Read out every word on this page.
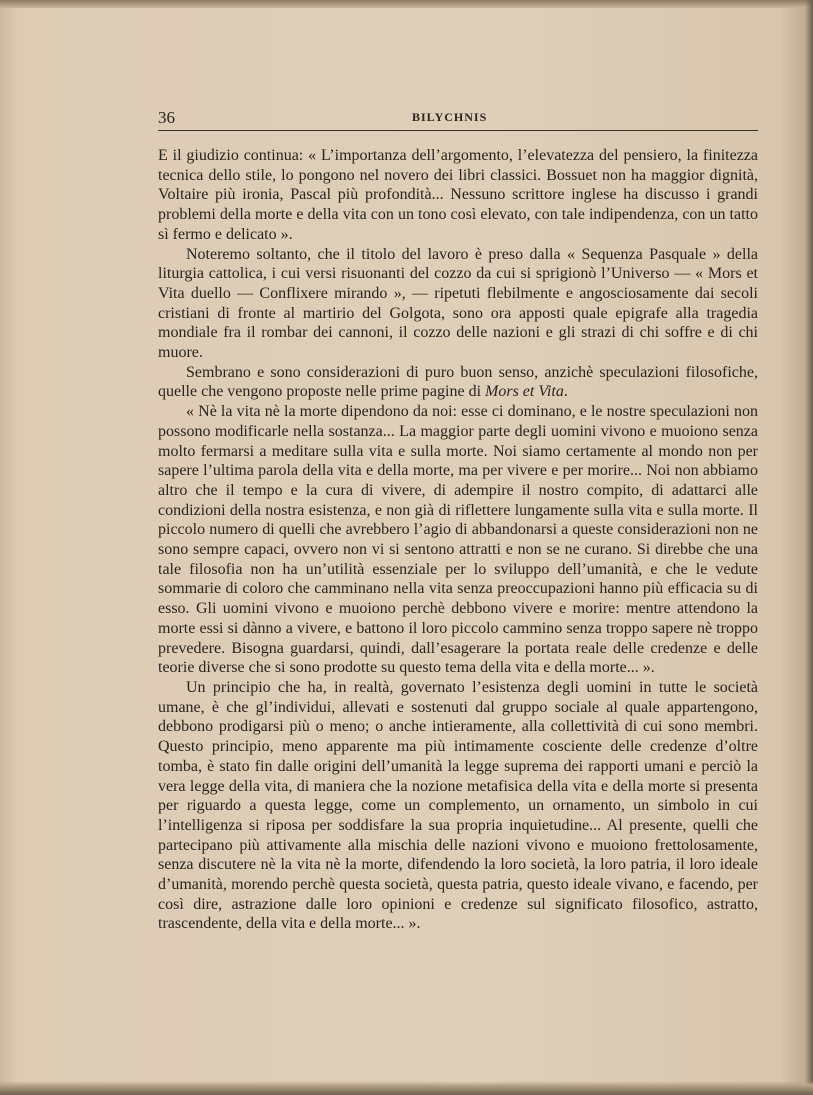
36	BILYCHNIS

E il giudizio continua: « L’importanza dell’argomento, l’elevatezza del pensiero, la finitezza tecnica dello stile, lo pongono nel novero dei libri classici. Bossuet non ha maggior dignità, Voltaire più ironia, Pascal più profondità... Nessuno scrittore inglese ha discusso i grandi problemi della morte e della vita con un tono così elevato, con tale indipendenza, con un tatto sì fermo e delicato ».

Noteremo soltanto, che il titolo del lavoro è preso dalla « Sequenza Pasquale » della liturgia cattolica, i cui versi risuonanti del cozzo da cui si sprigionò l’Universo — « Mors et Vita duello — Conflixere mirando », — ripetuti flebilmente e angosciosamente dai secoli cristiani di fronte al martirio del Golgota, sono ora apposti quale epigrafe alla tragedia mondiale fra il rombar dei cannoni, il cozzo delle nazioni e gli strazi di chi soffre e di chi muore.

Sembrano e sono considerazioni di puro buon senso, anzichè speculazioni filosofiche, quelle che vengono proposte nelle prime pagine di Mors et Vita.

« Nè la vita nè la morte dipendono da noi: esse ci dominano, e le nostre speculazioni non possono modificarle nella sostanza... La maggior parte degli uomini vivono e muoiono senza molto fermarsi a meditare sulla vita e sulla morte. Noi siamo certamente al mondo non per sapere l’ultima parola della vita e della morte, ma per vivere e per morire... Noi non abbiamo altro che il tempo e la cura di vivere, di adempire il nostro compito, di adattarci alle condizioni della nostra esistenza, e non già di riflettere lungamente sulla vita e sulla morte. Il piccolo numero di quelli che avrebbero l’agio di abbandonarsi a queste considerazioni non ne sono sempre capaci, ovvero non vi si sentono attratti e non se ne curano. Si direbbe che una tale filosofia non ha un’utilità essenziale per lo sviluppo dell’umanità, e che le vedute sommarie di coloro che camminano nella vita senza preoccupazioni hanno più efficacia su di esso. Gli uomini vivono e muoiono perchè debbono vivere e morire: mentre attendono la morte essi si dànno a vivere, e battono il loro piccolo cammino senza troppo sapere nè troppo prevedere. Bisogna guardarsi, quindi, dall’esagerare la portata reale delle credenze e delle teorie diverse che si sono prodotte su questo tema della vita e della morte... ».

Un principio che ha, in realtà, governato l’esistenza degli uomini in tutte le società umane, è che gl’individui, allevati e sostenuti dal gruppo sociale al quale appartengono, debbono prodigarsi più o meno; o anche intieramente, alla collettività di cui sono membri. Questo principio, meno apparente ma più intimamente cosciente delle credenze d’oltre tomba, è stato fin dalle origini dell’umanità la legge suprema dei rapporti umani e perciò la vera legge della vita, di maniera che la nozione metafisica della vita e della morte si presenta per riguardo a questa legge, come un complemento, un ornamento, un simbolo in cui l’intelligenza si riposa per soddisfare la sua propria inquietudine... Al presente, quelli che partecipano più attivamente alla mischia delle nazioni vivono e muoiono frettolosamente, senza discutere nè la vita nè la morte, difendendo la loro società, la loro patria, il loro ideale d’umanità, morendo perchè questa società, questa patria, questo ideale vivano, e facendo, per così dire, astrazione dalle loro opinioni e credenze sul significato filosofico, astratto, trascendente, della vita e della morte... ».
